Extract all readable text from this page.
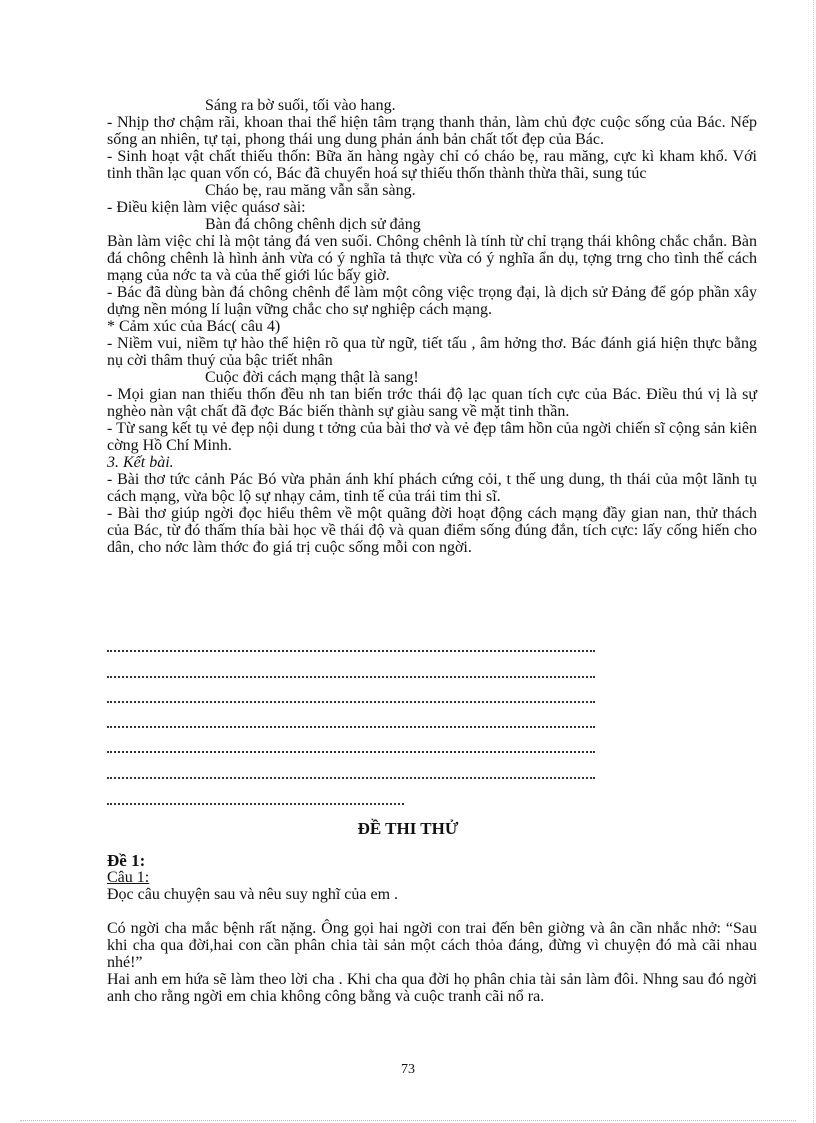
Sáng ra bờ suối, tối vào hang.

- Nhịp thơ chậm rãi, khoan thai thể hiện tâm trạng thanh thản, làm chủ đợc cuộc sống của Bác. Nếp sống an nhiên, tự tại, phong thái ung dung phản ánh bản chất tốt đẹp của Bác.

- Sinh hoạt vật chất thiếu thốn: Bữa ăn hàng ngày chỉ có cháo bẹ, rau măng, cực kì kham khổ. Với tinh thần lạc quan vốn có, Bác đã chuyển hoá sự thiếu thốn thành thừa thãi, sung túc

Cháo bẹ, rau măng vẫn sẵn sàng.

- Điều kiện làm việc quásơ sài:

Bàn đá chông chênh dịch sử đảng

Bàn làm việc chỉ là một tảng đá ven suối. Chông chênh là tính từ chỉ trạng thái không chắc chắn. Bàn đá chông chênh là hình ảnh vừa có ý nghĩa tả thực vừa có ý nghĩa ẩn dụ, tợng trng cho tình thế cách mạng của nớc ta và của thế giới lúc bấy giờ.

- Bác đã dùng bàn đá chông chênh để làm một công việc trọng đại, là dịch sử Đảng để góp phần xây dựng nền móng lí luận vững chắc cho sự nghiệp cách mạng.

* Cảm xúc của Bác( câu 4)

- Niềm vui, niềm tự hào thể hiện rõ qua từ ngữ, tiết tấu , âm hởng thơ. Bác đánh giá hiện thực bằng nụ cời thâm thuý của bậc triết nhân

Cuộc đời cách mạng thật là sang!

- Mọi gian nan thiếu thốn đều nh tan biến trớc thái độ lạc quan tích cực của Bác. Điều thú vị là sự nghèo nàn vật chất đã đợc Bác biến thành sự giàu sang về mặt tinh thần.

- Từ sang kết tụ vẻ đẹp nội dung t tởng của bài thơ và vẻ đẹp tâm hồn của ngời chiến sĩ cộng sản kiên cờng Hồ Chí Minh.

3. Kết bài.

- Bài thơ tức cảnh Pác Bó vừa phản ánh khí phách cứng cỏi, t thế ung dung, th thái của một lãnh tụ cách mạng, vừa bộc lộ sự nhạy cảm, tinh tế của trái tim thi sĩ.

- Bài thơ giúp ngời đọc hiểu thêm về một quãng đời hoạt động cách mạng đầy gian nan, thử thách của Bác, từ đó thấm thía bài học về thái độ và quan điểm sống đúng đắn, tích cực: lấy cống hiến cho dân, cho nớc làm thớc đo giá trị cuộc sống mỗi con ngời.

ĐỀ THI THỬ

Đề 1:

Câu 1:

Đọc câu chuyện sau và nêu suy nghĩ của em .

Có ngời cha mắc bệnh rất nặng. Ông gọi hai ngời con trai đến bên giờng và ân cần nhắc nhở: “Sau khi cha qua đời,hai con cần phân chia tài sản một cách thỏa đáng, đừng vì chuyện đó mà cãi nhau nhé!”

Hai anh em hứa sẽ làm theo lời cha . Khi cha qua đời họ phân chia tài sản làm đôi. Nhng sau đó ngời anh cho rằng ngời em chia không công bằng và cuộc tranh cãi nổ ra.

73
